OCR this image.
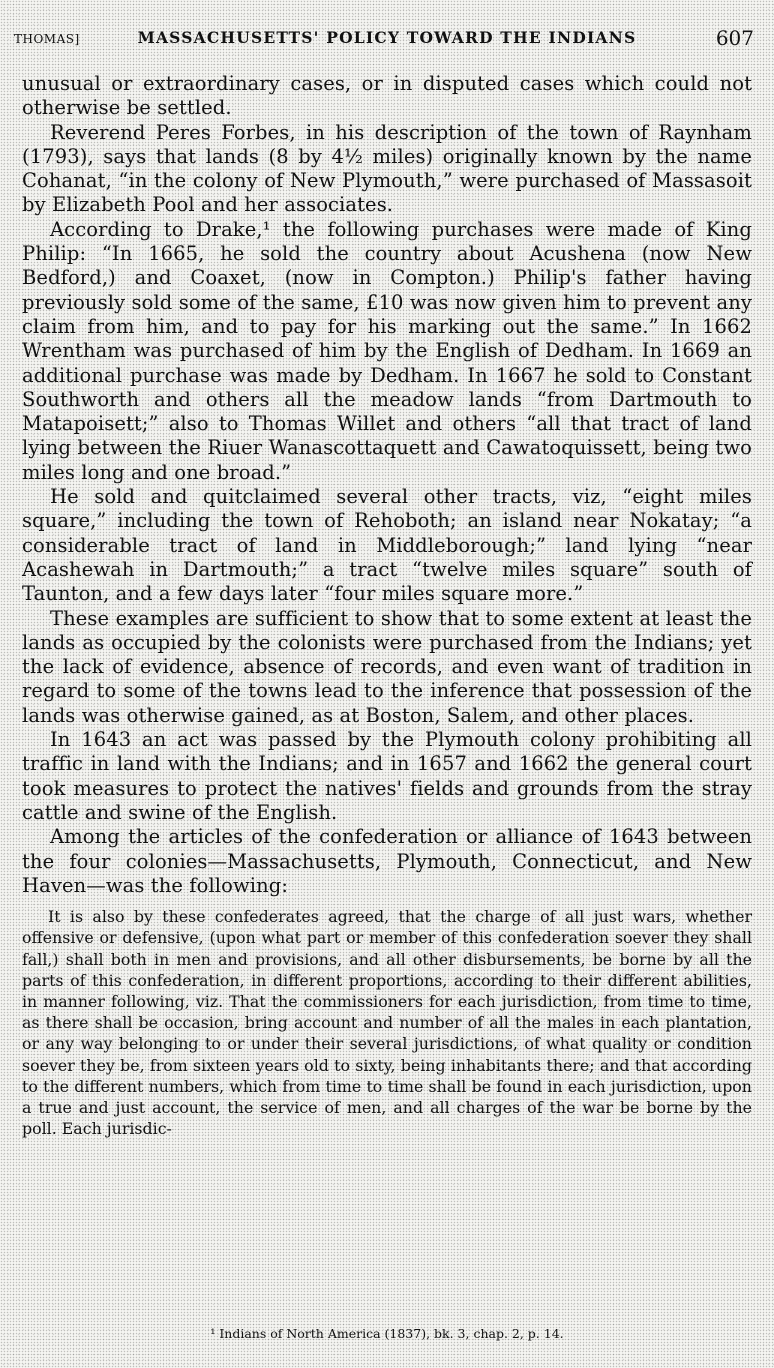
THOMAS]	MASSACHUSETTS' POLICY TOWARD THE INDIANS	607

unusual or extraordinary cases, or in disputed cases which could not otherwise be settled.

Reverend Peres Forbes, in his description of the town of Raynham (1793), says that lands (8 by 4½ miles) originally known by the name Cohanat, “in the colony of New Plymouth,” were purchased of Massasoit by Elizabeth Pool and her associates.

According to Drake,¹ the following purchases were made of King Philip: “In 1665, he sold the country about Acushena (now New Bedford,) and Coaxet, (now in Compton.) Philip's father having previously sold some of the same, £10 was now given him to prevent any claim from him, and to pay for his marking out the same.” In 1662 Wrentham was purchased of him by the English of Dedham. In 1669 an additional purchase was made by Dedham. In 1667 he sold to Constant Southworth and others all the meadow lands “from Dartmouth to Matapoisett;” also to Thomas Willet and others “all that tract of land lying between the Riuer Wanascottaquett and Cawatoquissett, being two miles long and one broad.”

He sold and quitclaimed several other tracts, viz, “eight miles square,” including the town of Rehoboth; an island near Nokatay; “a considerable tract of land in Middleborough;” land lying “near Acashewah in Dartmouth;” a tract “twelve miles square” south of Taunton, and a few days later “four miles square more.”

These examples are sufficient to show that to some extent at least the lands as occupied by the colonists were purchased from the Indians; yet the lack of evidence, absence of records, and even want of tradition in regard to some of the towns lead to the inference that possession of the lands was otherwise gained, as at Boston, Salem, and other places.

In 1643 an act was passed by the Plymouth colony prohibiting all traffic in land with the Indians; and in 1657 and 1662 the general court took measures to protect the natives' fields and grounds from the stray cattle and swine of the English.

Among the articles of the confederation or alliance of 1643 between the four colonies—Massachusetts, Plymouth, Connecticut, and New Haven—was the following:

It is also by these confederates agreed, that the charge of all just wars, whether offensive or defensive, (upon what part or member of this confederation soever they shall fall,) shall both in men and provisions, and all other disbursements, be borne by all the parts of this confederation, in different proportions, according to their different abilities, in manner following, viz. That the commissioners for each jurisdiction, from time to time, as there shall be occasion, bring account and number of all the males in each plantation, or any way belonging to or under their several jurisdictions, of what quality or condition soever they be, from sixteen years old to sixty, being inhabitants there; and that according to the different numbers, which from time to time shall be found in each jurisdiction, upon a true and just account, the service of men, and all charges of the war be borne by the poll. Each jurisdic-

¹ Indians of North America (1837), bk. 3, chap. 2, p. 14.
